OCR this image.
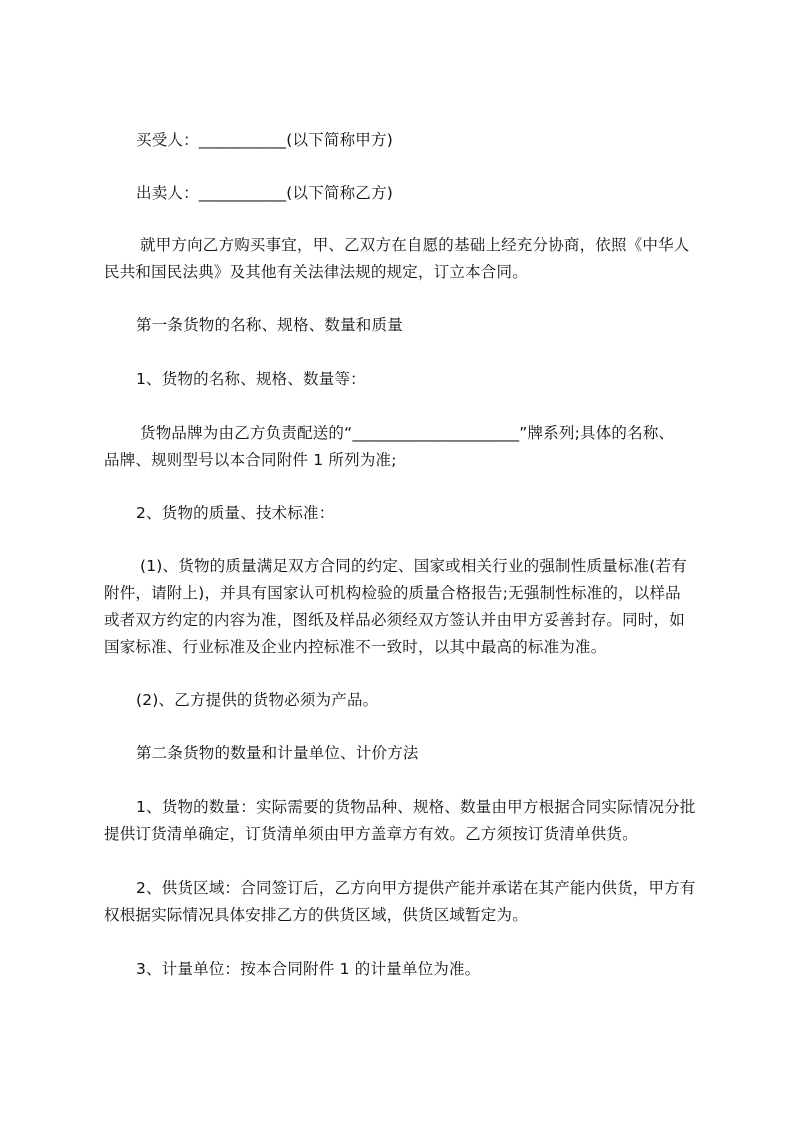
买受人：___________(以下简称甲方)
出卖人：___________(以下简称乙方)
就甲方向乙方购买事宜，甲、乙双方在自愿的基础上经充分协商，依照《中华人
民共和国民法典》及其他有关法律法规的规定，订立本合同。
第一条货物的名称、规格、数量和质量
1、货物的名称、规格、数量等：
货物品牌为由乙方负责配送的“_____________________”牌系列;具体的名称、
品牌、规则型号以本合同附件 1 所列为准;
2、货物的质量、技术标准：
(1)、货物的质量满足双方合同的约定、国家或相关行业的强制性质量标准(若有
附件，请附上)，并具有国家认可机构检验的质量合格报告;无强制性标准的，以样品
或者双方约定的内容为准，图纸及样品必须经双方签认并由甲方妥善封存。同时，如
国家标准、行业标准及企业内控标准不一致时，以其中最高的标准为准。
(2)、乙方提供的货物必须为产品。
第二条货物的数量和计量单位、计价方法
1、货物的数量：实际需要的货物品种、规格、数量由甲方根据合同实际情况分批
提供订货清单确定，订货清单须由甲方盖章方有效。乙方须按订货清单供货。
2、供货区域：合同签订后，乙方向甲方提供产能并承诺在其产能内供货，甲方有
权根据实际情况具体安排乙方的供货区域，供货区域暂定为。
3、计量单位：按本合同附件 1 的计量单位为准。
